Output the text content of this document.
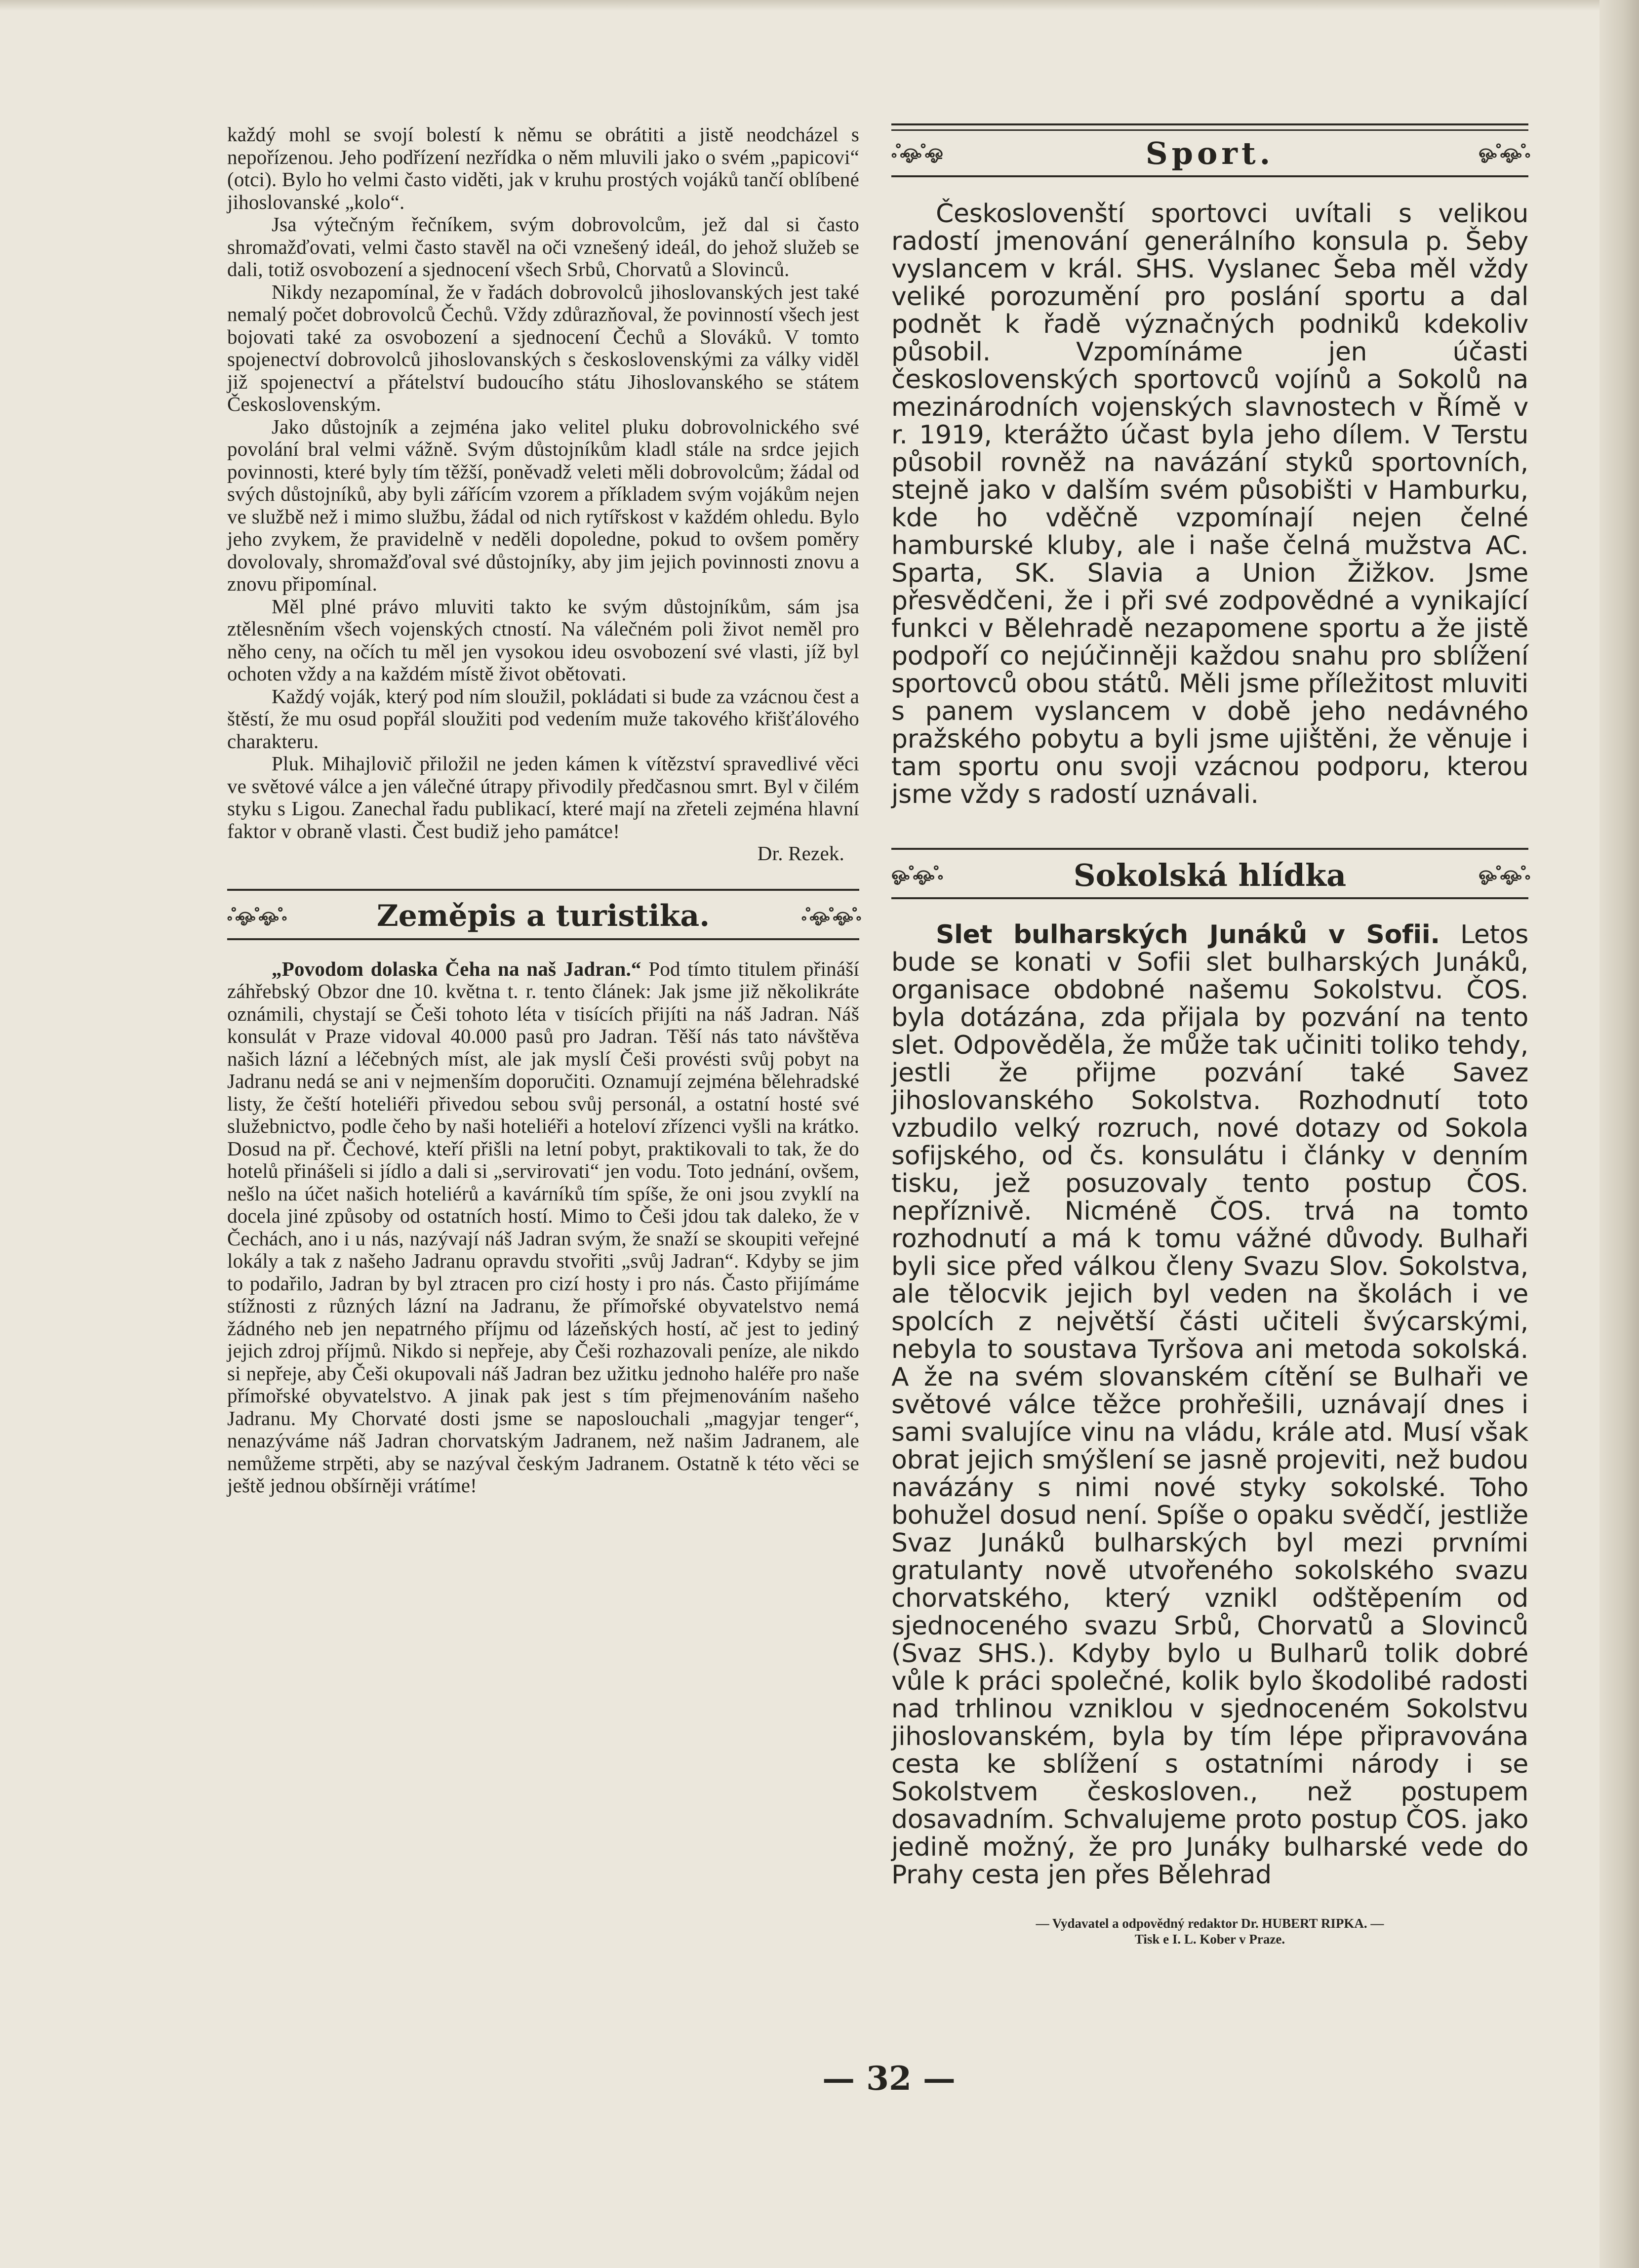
každý mohl se svojí bolestí k němu se obrátiti a jistě neodcházel s nepořízenou. Jeho podřízení nezřídka o něm mluvili jako o svém „papicovi“ (otci). Bylo ho velmi často viděti, jak v kruhu prostých vojáků tančí oblíbené jihoslovanské „kolo“.

Jsa výtečným řečníkem, svým dobrovolcům, jež dal si často shromažďovati, velmi často stavěl na oči vznešený ideál, do jehož služeb se dali, totiž osvobození a sjednocení všech Srbů, Chorvatů a Slovinců.

Nikdy nezapomínal, že v řadách dobrovolců jihoslovanských jest také nemalý počet dobrovolců Čechů. Vždy zdůrazňoval, že povinností všech jest bojovati také za osvobození a sjednocení Čechů a Slováků. V tomto spojenectví dobrovolců jihoslovanských s československými za války viděl již spojenectví a přátelství budoucího státu Jihoslovanského se státem Československým.

Jako důstojník a zejména jako velitel pluku dobrovolnického své povolání bral velmi vážně. Svým důstojníkům kladl stále na srdce jejich povinnosti, které byly tím těžší, poněvadž veleti měli dobrovolcům; žádal od svých důstojníků, aby byli zářícím vzorem a příkladem svým vojákům nejen ve službě než i mimo službu, žádal od nich rytířskost v každém ohledu. Bylo jeho zvykem, že pravidelně v neděli dopoledne, pokud to ovšem poměry dovolovaly, shromažďoval své důstojníky, aby jim jejich povinnosti znovu a znovu připomínal.

Měl plné právo mluviti takto ke svým důstojníkům, sám jsa ztělesněním všech vojenských ctností. Na válečném poli život neměl pro něho ceny, na očích tu měl jen vysokou ideu osvobození své vlasti, jíž byl ochoten vždy a na každém místě život obětovati.

Každý voják, který pod ním sloužil, pokládati si bude za vzácnou čest a štěstí, že mu osud popřál sloužiti pod vedením muže takového křišťálového charakteru.

Pluk. Mihajlovič přiložil ne jeden kámen k vítězství spravedlivé věci ve světové válce a jen válečné útrapy přivodily předčasnou smrt. Byl v čilém styku s Ligou. Zanechal řadu publikací, které mají na zřeteli zejména hlavní faktor v obraně vlasti. Čest budiž jeho památce!

Dr. Rezek.

ஃஓஃஓஃ	Zeměpis a turistika.	ஃஓஃஓஃ

„Povodom dolaska Čeha na naš Jadran.“ Pod tímto titulem přináší záhřebský Obzor dne 10. května t. r. tento článek: Jak jsme již několikráte oznámili, chystají se Češi tohoto léta v tisících přijíti na náš Jadran. Náš konsulát v Praze vidoval 40.000 pasů pro Jadran. Těší nás tato návštěva našich lázní a léčebných míst, ale jak myslí Češi provésti svůj pobyt na Jadranu nedá se ani v nejmenším doporučiti. Oznamují zejména bělehradské listy, že čeští hoteliéři přivedou sebou svůj personál, a ostatní hosté své služebnictvo, podle čeho by naši hoteliéři a hoteloví zřízenci vyšli na krátko. Dosud na př. Čechové, kteří přišli na letní pobyt, praktikovali to tak, že do hotelů přinášeli si jídlo a dali si „servirovati“ jen vodu. Toto jednání, ovšem, nešlo na účet našich hoteliérů a kavárníků tím spíše, že oni jsou zvyklí na docela jiné způsoby od ostatních hostí. Mimo to Češi jdou tak daleko, že v Čechách, ano i u nás, nazývají náš Jadran svým, že snaží se skoupiti veřejné lokály a tak z našeho Jadranu opravdu stvořiti „svůj Jadran“. Kdyby se jim to podařilo, Jadran by byl ztracen pro cizí hosty i pro nás. Často přijímáme stížnosti z různých lázní na Jadranu, že přímořské obyvatelstvo nemá žádného neb jen nepatrného příjmu od lázeňských hostí, ač jest to jediný jejich zdroj příjmů. Nikdo si nepřeje, aby Češi rozhazovali peníze, ale nikdo si nepřeje, aby Češi okupovali náš Jadran bez užitku jednoho haléře pro naše přímořské obyvatelstvo. A jinak pak jest s tím přejmenováním našeho Jadranu. My Chorvaté dosti jsme se naposlouchali „magyjar tenger“, nenazýváme náš Jadran chorvatským Jadranem, než našim Jadranem, ale nemůžeme strpěti, aby se nazýval českým Jadranem. Ostatně k této věci se ještě jednou obšírněji vrátíme!

ஃஓஃஓ	Sport.	ஓஃஓஃ

Českoslovenští sportovci uvítali s velikou radostí jmenování generálního konsula p. Šeby vyslancem v král. SHS. Vyslanec Šeba měl vždy veliké porozumění pro poslání sportu a dal podnět k řadě význačných podniků kdekoliv působil. Vzpomínáme jen účasti československých sportovců vojínů a Sokolů na mezinárodních vojenských slavnostech v Římě v r. 1919, kterážto účast byla jeho dílem. V Terstu působil rovněž na navázání styků sportovních, stejně jako v dalším svém působišti v Hamburku, kde ho vděčně vzpomínají nejen čelné hamburské kluby, ale i naše čelná mužstva AC. Sparta, SK. Slavia a Union Žižkov. Jsme přesvědčeni, že i při své zodpovědné a vynikající funkci v Bělehradě nezapomene sportu a že jistě podpoří co nejúčinněji každou snahu pro sblížení sportovců obou států. Měli jsme příležitost mluviti s panem vyslancem v době jeho nedávného pražského pobytu a byli jsme ujištěni, že věnuje i tam sportu onu svoji vzácnou podporu, kterou jsme vždy s radostí uznávali.

ஓஃஓஃ	Sokolská hlídka	ஓஃஓஃ

Slet bulharských Junáků v Sofii. Letos bude se konati v Sofii slet bulharských Junáků, organisace obdobné našemu Sokolstvu. ČOS. byla dotázána, zda přijala by pozvání na tento slet. Odpověděla, že může tak učiniti toliko tehdy, jestli že přijme pozvání také Savez jihoslovanského Sokolstva. Rozhodnutí toto vzbudilo velký rozruch, nové dotazy od Sokola sofijského, od čs. konsulátu i články v denním tisku, jež posuzovaly tento postup ČOS. nepříznivě. Nicméně ČOS. trvá na tomto rozhodnutí a má k tomu vážné důvody. Bulhaři byli sice před válkou členy Svazu Slov. Sokolstva, ale tělocvik jejich byl veden na školách i ve spolcích z největší části učiteli švýcarskými, nebyla to soustava Tyršova ani metoda sokolská. A že na svém slovanském cítění se Bulhaři ve světové válce těžce prohřešili, uznávají dnes i sami svalujíce vinu na vládu, krále atd. Musí však obrat jejich smýšlení se jasně projeviti, než budou navázány s nimi nové styky sokolské. Toho bohužel dosud není. Spíše o opaku svědčí, jestliže Svaz Junáků bulharských byl mezi prvními gratulanty nově utvořeného sokolského svazu chorvatského, který vznikl odštěpením od sjednoceného svazu Srbů, Chorvatů a Slovinců (Svaz SHS.). Kdyby bylo u Bulharů tolik dobré vůle k práci společné, kolik bylo škodolibé radosti nad trhlinou vzniklou v sjednoceném Sokolstvu jihoslovanském, byla by tím lépe připravována cesta ke sblížení s ostatními národy i se Sokolstvem českosloven., než postupem dosavadním. Schvalujeme proto postup ČOS. jako jedině možný, že pro Junáky bulharské vede do Prahy cesta jen přes Bělehrad

— Vydavatel a odpovědný redaktor Dr. HUBERT RIPKA. —
Tisk e I. L. Kober v Praze.
— 32 —
